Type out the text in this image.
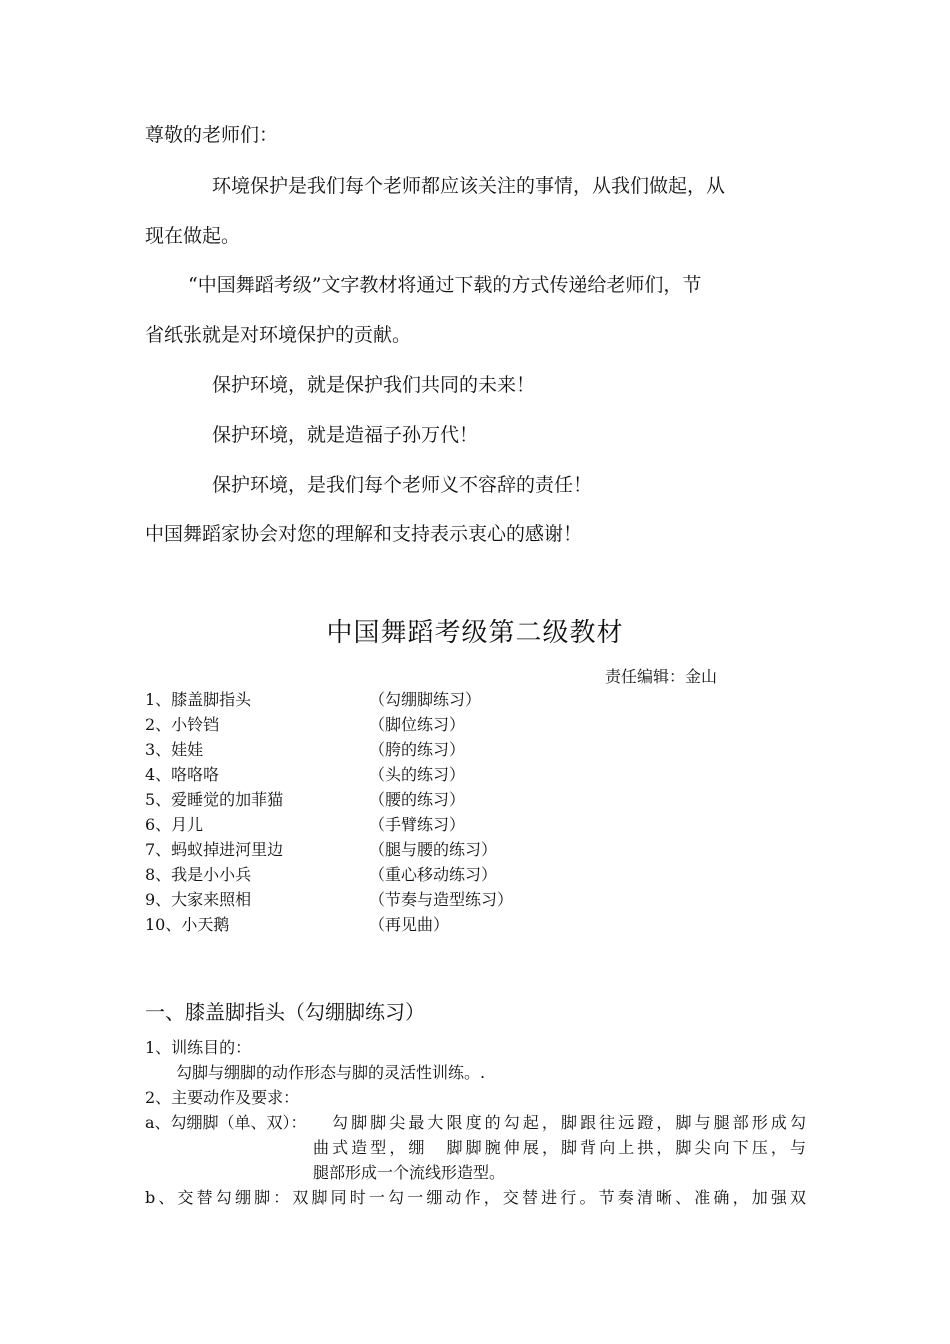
尊敬的老师们：
环境保护是我们每个老师都应该关注的事情，从我们做起，从
现在做起。
“中国舞蹈考级”文字教材将通过下载的方式传递给老师们，节
省纸张就是对环境保护的贡献。
保护环境，就是保护我们共同的未来！
保护环境，就是造福子孙万代！
保护环境，是我们每个老师义不容辞的责任！
中国舞蹈家协会对您的理解和支持表示衷心的感谢！
中国舞蹈考级第二级教材
责任编辑：金山
1、膝盖脚指头	（勾绷脚练习）
2、小铃铛	（脚位练习）
3、娃娃	（胯的练习）
4、咯咯咯	（头的练习）
5、爱睡觉的加菲猫	（腰的练习）
6、月儿	（手臂练习）
7、蚂蚁掉进河里边	（腿与腰的练习）
8、我是小小兵	（重心移动练习）
9、大家来照相	（节奏与造型练习）
10、小天鹅	（再见曲）
一、膝盖脚指头（勾绷脚练习）
1、训练目的：
勾脚与绷脚的动作形态与脚的灵活性训练。.
2、主要动作及要求：
a、勾绷脚（单、双）： 勾脚脚尖最大限度的勾起，脚跟往远蹬，脚与腿部形成勾
曲式造型，绷　脚脚腕伸展，脚背向上拱，脚尖向下压，与
腿部形成一个流线形造型。
b、交替勾绷脚：双脚同时一勾一绷动作，交替进行。节奏清晰、准确，加强双
